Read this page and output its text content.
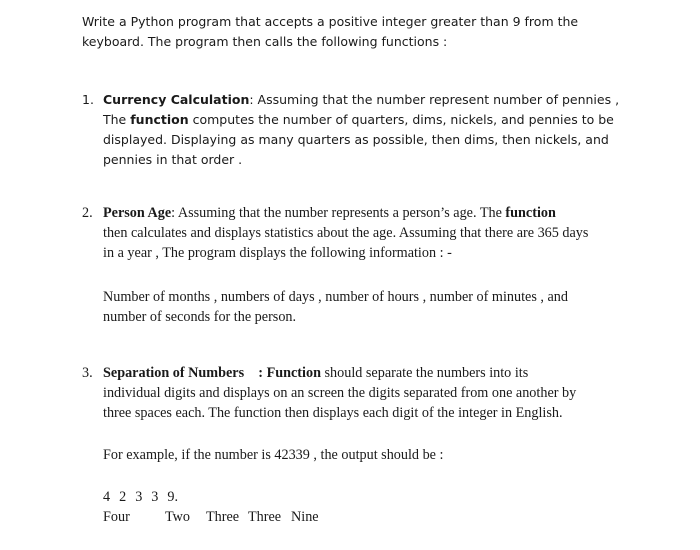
Write a Python program that accepts a positive integer greater than 9 from the
keyboard. The program then calls the following functions :
1. Currency Calculation: Assuming that the number represent number of pennies ,
The function computes the number of quarters, dims, nickels, and pennies to be
displayed. Displaying as many quarters as possible, then dims, then nickels, and
pennies in that order .
2. Person Age: Assuming that the number represents a person’s age. The function
then calculates and displays statistics about the age. Assuming that there are 365 days
in a year , The program displays the following information : -

Number of months , numbers of days , number of hours , number of minutes , and
number of seconds for the person.

3. Separation of Numbers    : Function should separate the numbers into its
individual digits and displays on an screen the digits separated from one another by
three spaces each. The function then displays each digit of the integer in English.

For example, if the number is 42339 , the output should be :

4 2 3 3 9.

Four Two Three Three Nine
